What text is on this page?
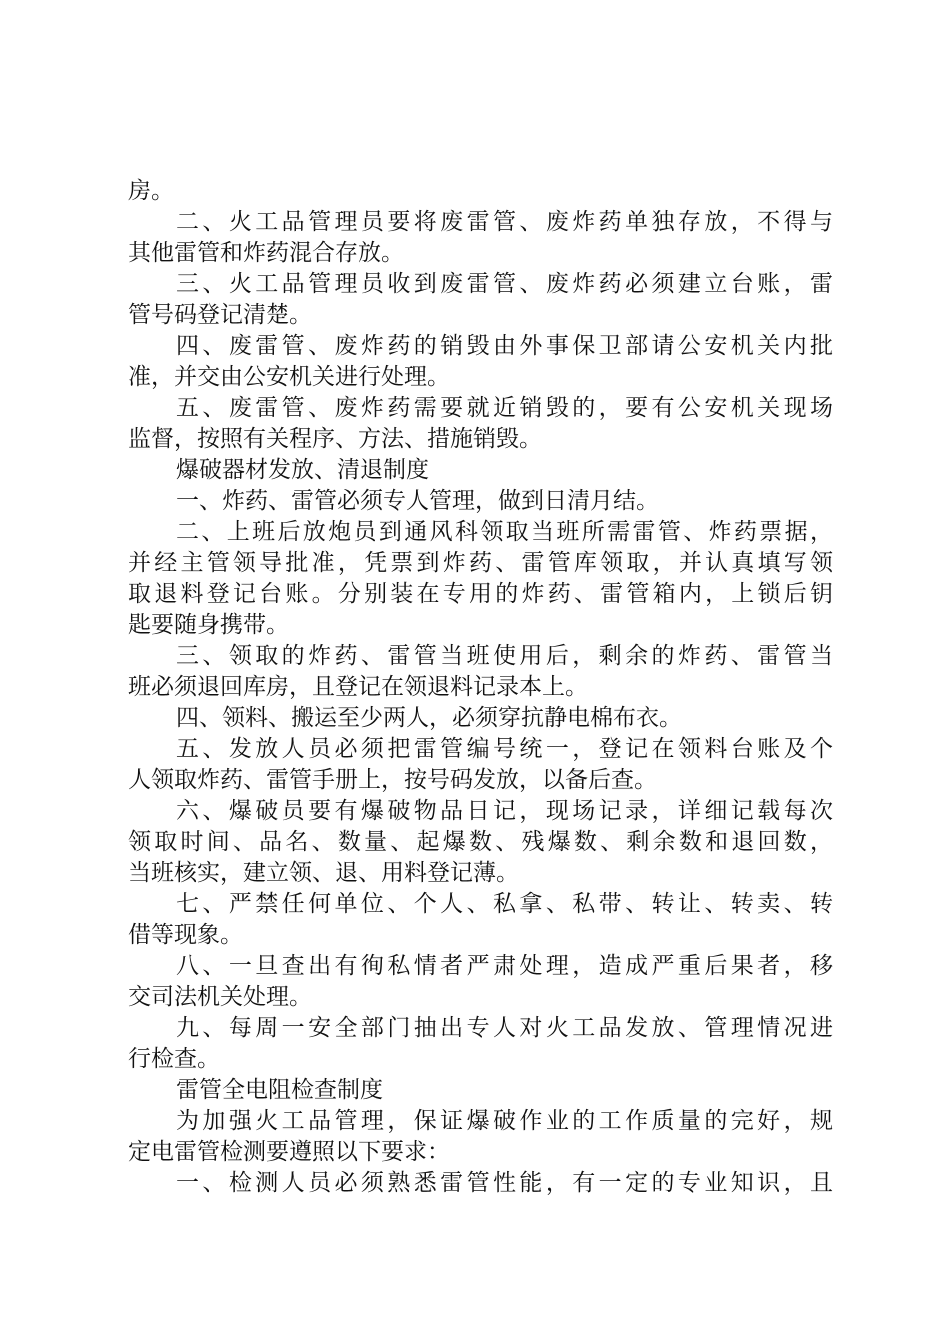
房。
二、火工品管理员要将废雷管、废炸药单独存放，不得与
其他雷管和炸药混合存放。
三、火工品管理员收到废雷管、废炸药必须建立台账，雷
管号码登记清楚。
四、废雷管、废炸药的销毁由外事保卫部请公安机关内批
准，并交由公安机关进行处理。
五、废雷管、废炸药需要就近销毁的，要有公安机关现场
监督，按照有关程序、方法、措施销毁。
爆破器材发放、清退制度
一、炸药、雷管必须专人管理，做到日清月结。
二、上班后放炮员到通风科领取当班所需雷管、炸药票据，
并经主管领导批准，凭票到炸药、雷管库领取，并认真填写领
取退料登记台账。分别装在专用的炸药、雷管箱内，上锁后钥
匙要随身携带。
三、领取的炸药、雷管当班使用后，剩余的炸药、雷管当
班必须退回库房，且登记在领退料记录本上。
四、领料、搬运至少两人，必须穿抗静电棉布衣。
五、发放人员必须把雷管编号统一，登记在领料台账及个
人领取炸药、雷管手册上，按号码发放，以备后查。
六、爆破员要有爆破物品日记，现场记录，详细记载每次
领取时间、品名、数量、起爆数、残爆数、剩余数和退回数，
当班核实，建立领、退、用料登记薄。
七、严禁任何单位、个人、私拿、私带、转让、转卖、转
借等现象。
八、一旦查出有徇私情者严肃处理，造成严重后果者，移
交司法机关处理。
九、每周一安全部门抽出专人对火工品发放、管理情况进
行检查。
雷管全电阻检查制度
为加强火工品管理，保证爆破作业的工作质量的完好，规
定电雷管检测要遵照以下要求：
一、检测人员必须熟悉雷管性能，有一定的专业知识，且
